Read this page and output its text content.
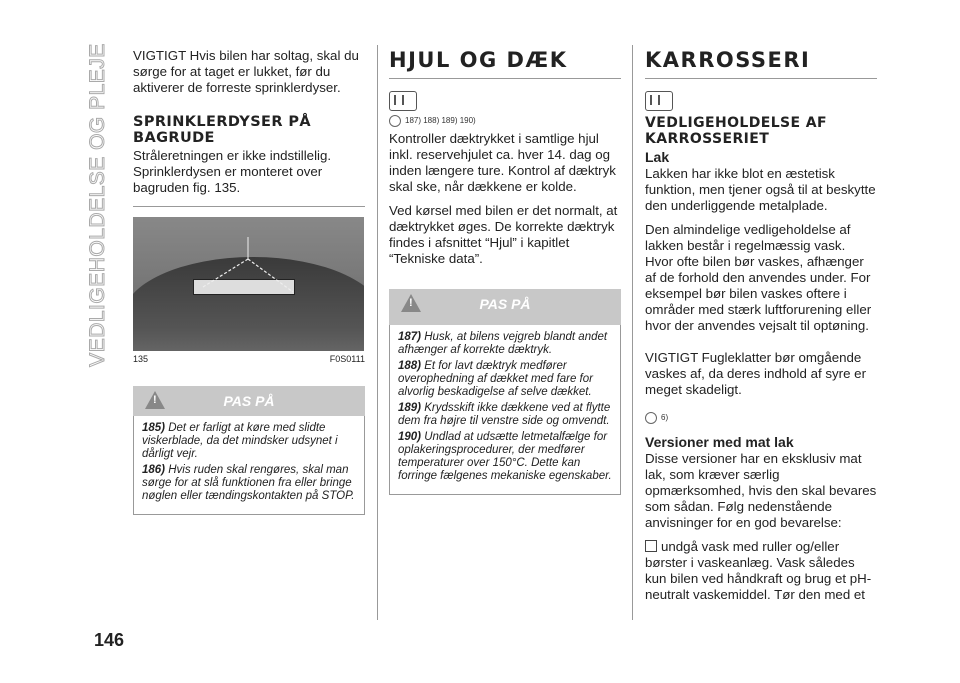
VEDLIGEHOLDELSE OG PLEJE VIGTIGT Hvis bilen har soltag, skal du sørge for at taget er lukket, før du aktiverer de forreste sprinklerdyser.

SPRINKLERDYSER PÅ BAGRUDE

Stråleretningen er ikke indstillelig. Sprinklerdysen er monteret over bagruden fig. 135.

135	F0S0111
!
PAS PÅ
185) Det er farligt at køre med slidte viskerblade, da det mindsker udsynet i dårligt vejr.
186) Hvis ruden skal rengøres, skal man sørge for at slå funktionen fra eller bringe nøglen eller tændingskontakten på STOP.
HJUL OG DÆK
187) 188) 189) 190)

Kontroller dæktrykket i samtlige hjul inkl. reservehjulet ca. hver 14. dag og inden længere ture. Kontrol af dæktryk skal ske, når dækkene er kolde.

Ved kørsel med bilen er det normalt, at dæktrykket øges. De korrekte dæktryk findes i afsnittet “Hjul” i kapitlet “Tekniske data”.

!
PAS PÅ
187) Husk, at bilens vejgreb blandt andet afhænger af korrekte dæktryk.
188) Et for lavt dæktryk medfører overophedning af dækket med fare for alvorlig beskadigelse af selve dækket.
189) Krydsskift ikke dækkene ved at flytte dem fra højre til venstre side og omvendt.
190) Undlad at udsætte letmetalfælge for oplakeringsprocedurer, der medfører temperaturer over 150°C. Dette kan forringe fælgenes mekaniske egenskaber.
KARROSSERI
VEDLIGEHOLDELSE AF KARROSSERIET
Lak

Lakken har ikke blot en æstetisk funktion, men tjener også til at beskytte den underliggende metalplade.

Den almindelige vedligeholdelse af lakken består i regelmæssig vask. Hvor ofte bilen bør vaskes, afhænger af de forhold den anvendes under. For eksempel bør bilen vaskes oftere i områder med stærk luftforurening eller hvor der anvendes vejsalt til optøning.

VIGTIGT Fugleklatter bør omgående vaskes af, da deres indhold af syre er meget skadeligt.

6)
Versioner med mat lak

Disse versioner har en eksklusiv mat lak, som kræver særlig opmærksomhed, hvis den skal bevares som sådan. Følg nedenstående anvisninger for en god bevarelse:

undgå vask med ruller og/eller børster i vaskeanlæg. Vask således kun bilen ved håndkraft og brug et pH-neutralt vaskemiddel. Tør den med et

146
